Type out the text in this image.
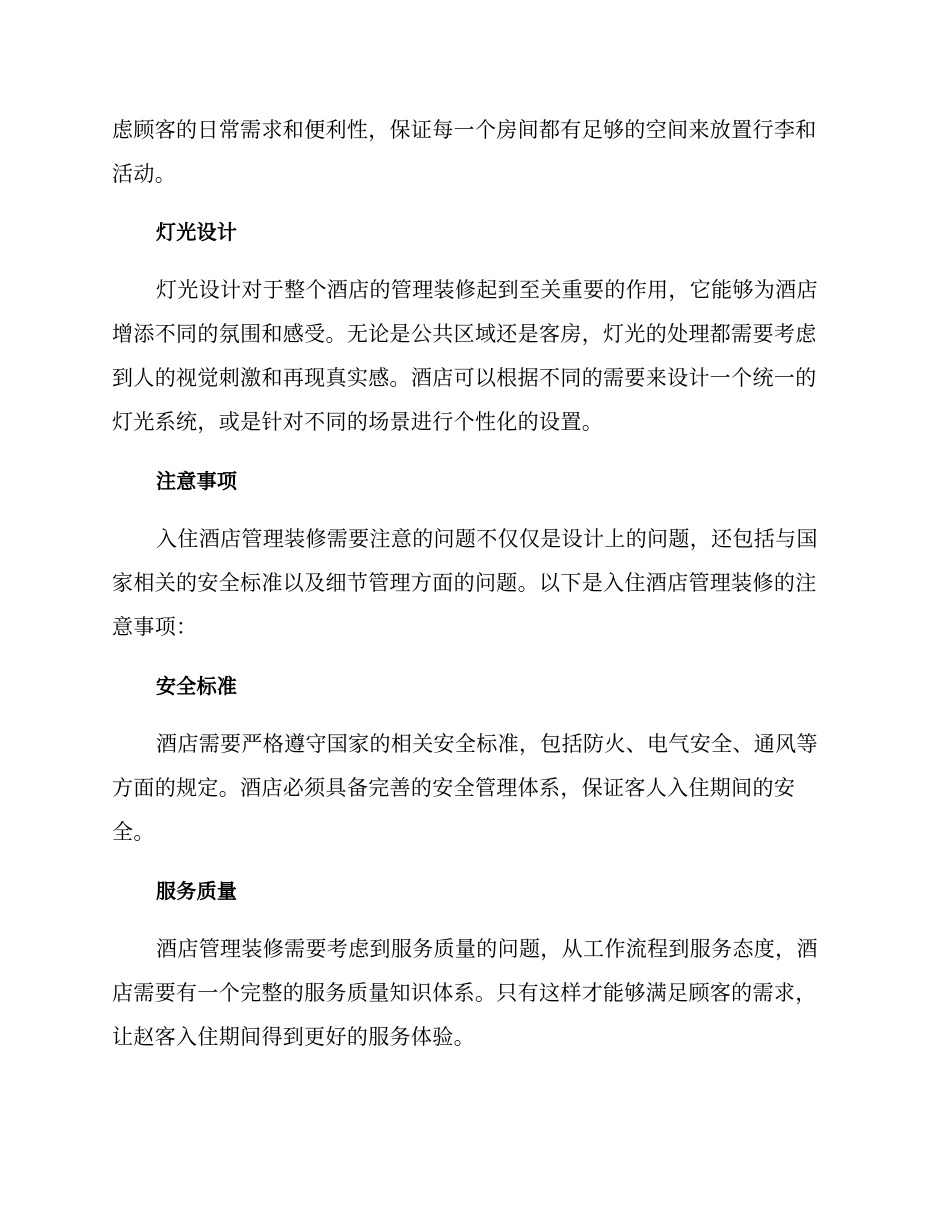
虑顾客的日常需求和便利性，保证每一个房间都有足够的空间来放置行李和
活动。
灯光设计
灯光设计对于整个酒店的管理装修起到至关重要的作用，它能够为酒店
增添不同的氛围和感受。无论是公共区域还是客房，灯光的处理都需要考虑
到人的视觉刺激和再现真实感。酒店可以根据不同的需要来设计一个统一的
灯光系统，或是针对不同的场景进行个性化的设置。
注意事项
入住酒店管理装修需要注意的问题不仅仅是设计上的问题，还包括与国
家相关的安全标准以及细节管理方面的问题。以下是入住酒店管理装修的注
意事项：
安全标准
酒店需要严格遵守国家的相关安全标准，包括防火、电气安全、通风等
方面的规定。酒店必须具备完善的安全管理体系，保证客人入住期间的安
全。
服务质量
酒店管理装修需要考虑到服务质量的问题，从工作流程到服务态度，酒
店需要有一个完整的服务质量知识体系。只有这样才能够满足顾客的需求，
让赵客入住期间得到更好的服务体验。
